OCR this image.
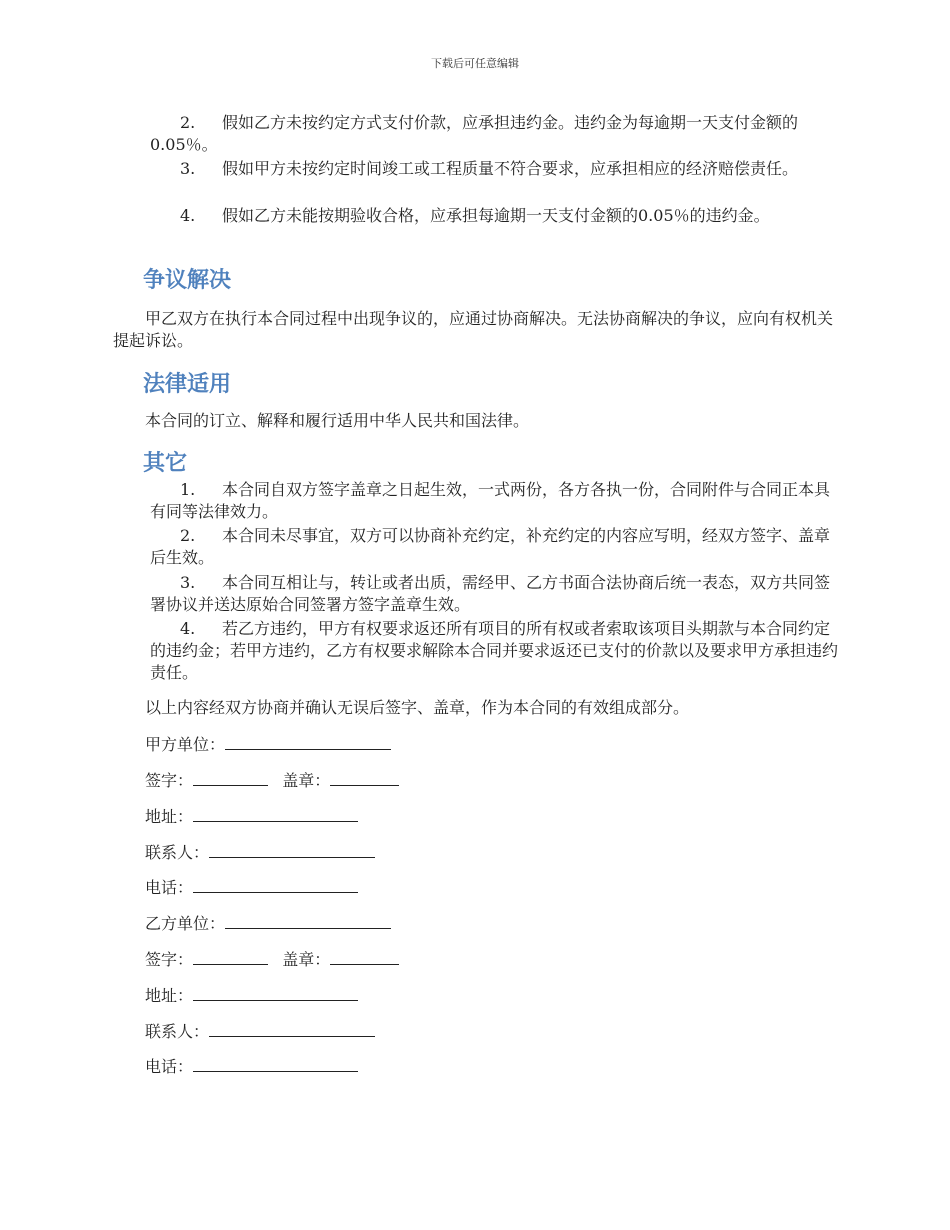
下载后可任意编辑
2. 假如乙方未按约定方式支付价款，应承担违约金。违约金为每逾期一天支付金额的0.05％。
3. 假如甲方未按约定时间竣工或工程质量不符合要求，应承担相应的经济赔偿责任。
4. 假如乙方未能按期验收合格，应承担每逾期一天支付金额的0.05％的违约金。
争议解决
甲乙双方在执行本合同过程中出现争议的，应通过协商解决。无法协商解决的争议，应向有权机关提起诉讼。
法律适用
本合同的订立、解释和履行适用中华人民共和国法律。
其它
1. 本合同自双方签字盖章之日起生效，一式两份，各方各执一份，合同附件与合同正本具有同等法律效力。
2. 本合同未尽事宜，双方可以协商补充约定，补充约定的内容应写明，经双方签字、盖章后生效。
3. 本合同互相让与，转让或者出质，需经甲、乙方书面合法协商后统一表态，双方共同签署协议并送达原始合同签署方签字盖章生效。
4. 若乙方违约，甲方有权要求返还所有项目的所有权或者索取该项目头期款与本合同约定的违约金；若甲方违约，乙方有权要求解除本合同并要求返还已支付的价款以及要求甲方承担违约责任。
以上内容经双方协商并确认无误后签字、盖章，作为本合同的有效组成部分。
甲方单位：
签字：	盖章：
地址：
联系人：
电话：
乙方单位：
签字：	盖章：
地址：
联系人：
电话：
